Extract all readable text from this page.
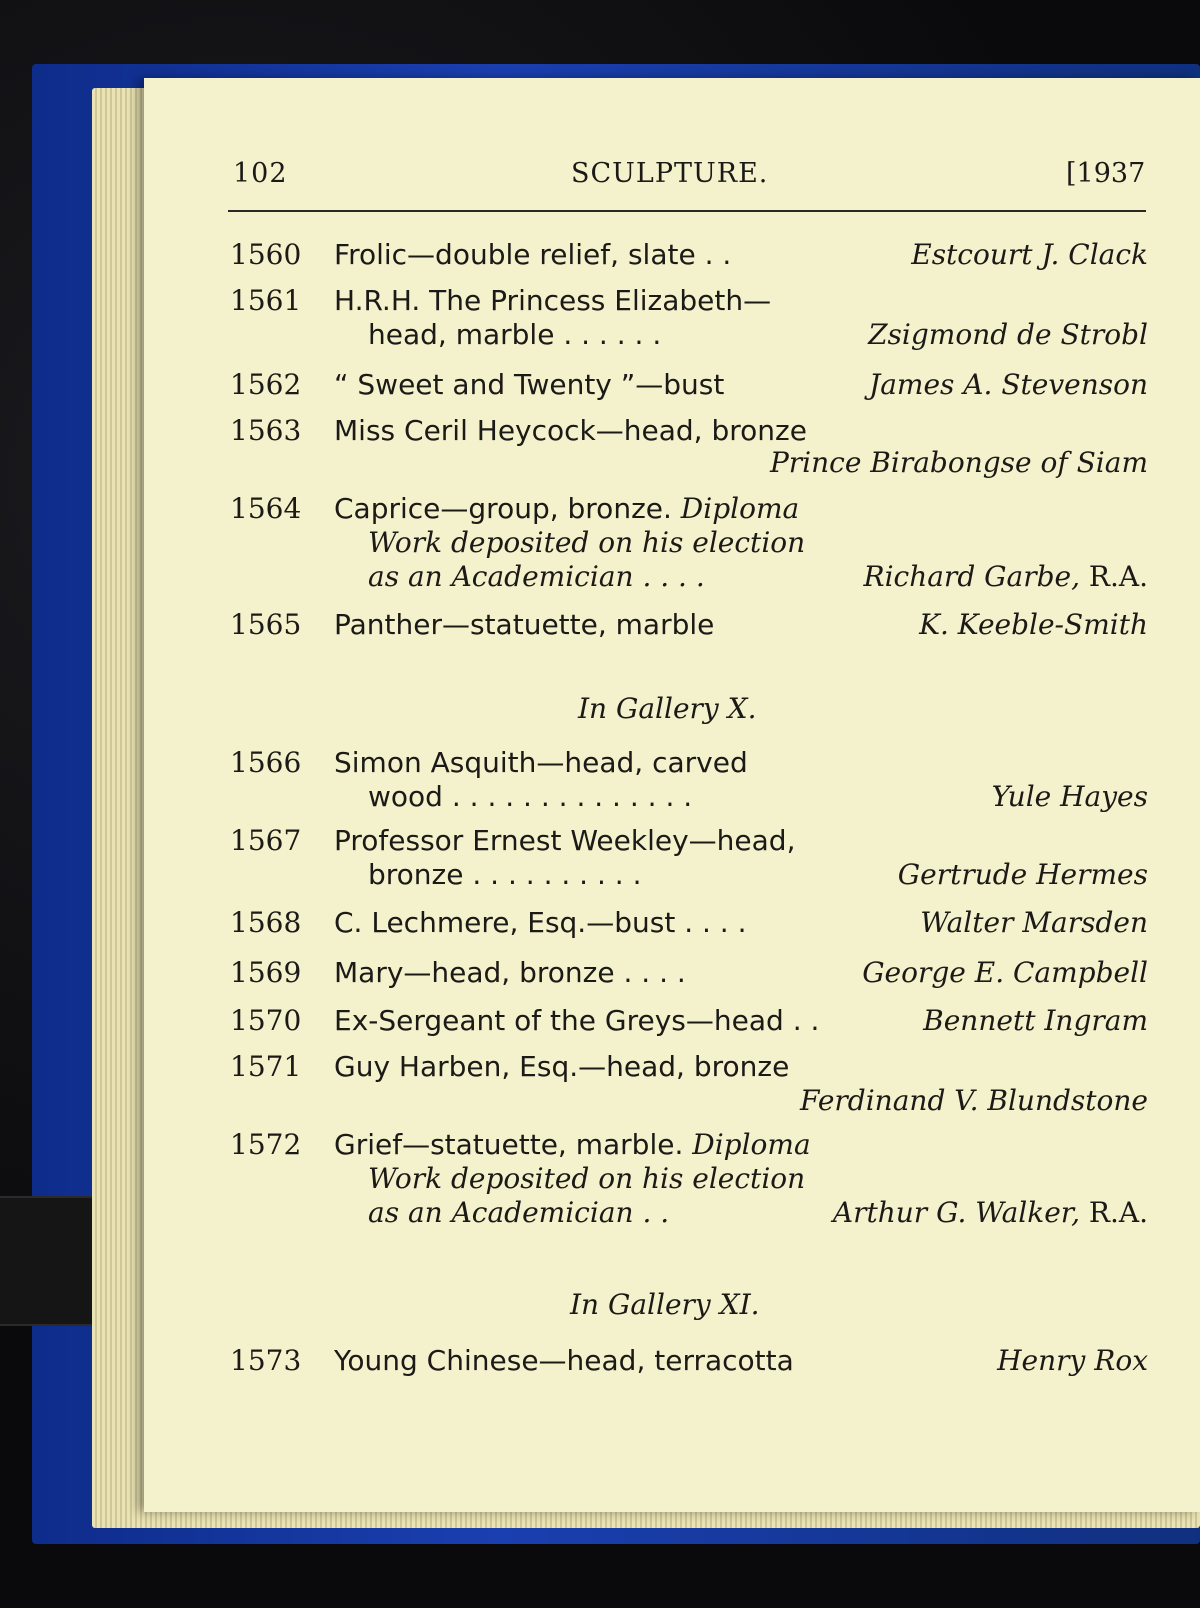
102	SCULPTURE.	[1937
1560 Frolic—double relief, slate . .	Estcourt J. Clack
1561 H.R.H. The Princess Elizabeth—
head, marble . . . . . .	Zsigmond de Strobl
1562 “ Sweet and Twenty ”—bust	James A. Stevenson
1563 Miss Ceril Heycock—head, bronze
Prince Birabongse of Siam
1564 Caprice—group, bronze. Diploma
Work deposited on his election
as an Academician . . . .	Richard Garbe, R.A.
1565 Panther—statuette, marble	K. Keeble-Smith
In Gallery X.
1566 Simon Asquith—head, carved
wood . . . . . . . . . . . . . .	Yule Hayes
1567 Professor Ernest Weekley—head,
bronze . . . . . . . . . .	Gertrude Hermes
1568 C. Lechmere, Esq.—bust . . . .	Walter Marsden
1569 Mary—head, bronze . . . .	George E. Campbell
1570 Ex-Sergeant of the Greys—head . .	Bennett Ingram
1571 Guy Harben, Esq.—head, bronze
Ferdinand V. Blundstone
1572 Grief—statuette, marble. Diploma
Work deposited on his election
as an Academician . .	Arthur G. Walker, R.A.
In Gallery XI.
1573 Young Chinese—head, terracotta	Henry Rox
